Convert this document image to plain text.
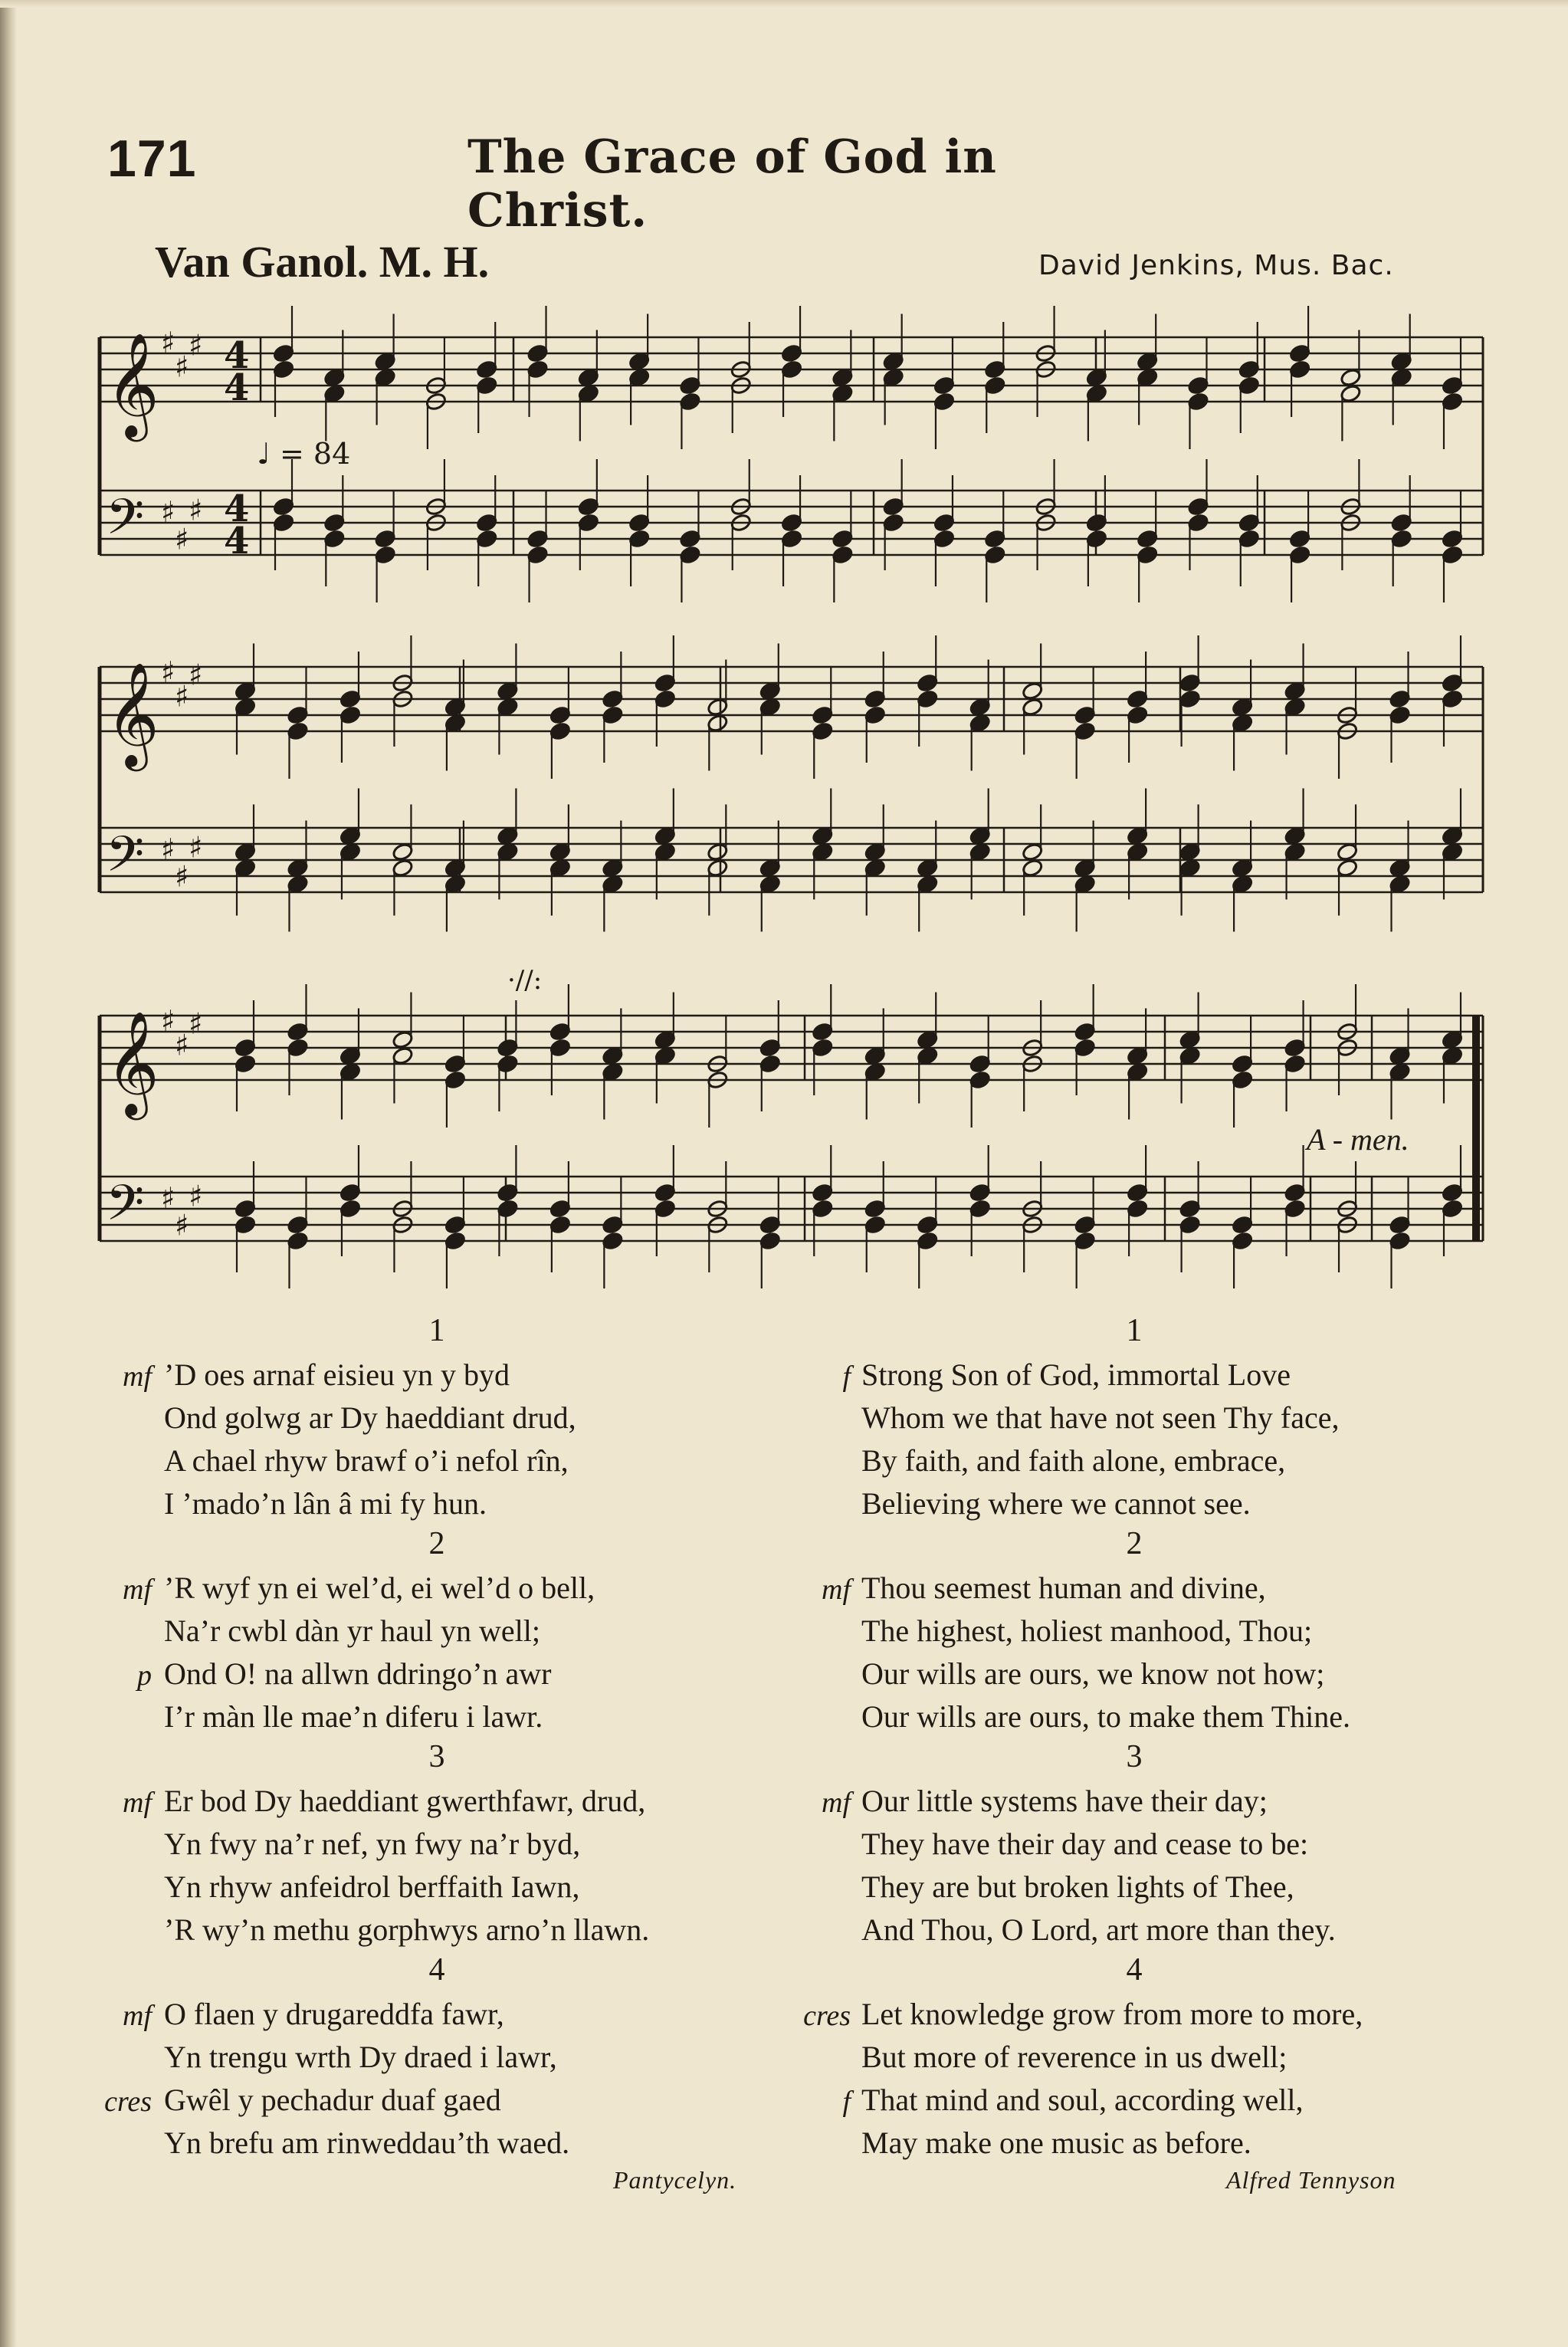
171	The Grace of God in Christ.
Van Ganol. M. H.	David Jenkins, Mus. Bac.
♩ = 84
A - men.
𝄞 ♯
♯
♯ 4
4
𝄢 ♯
♯
♯ 4
4
𝄞 ♯
♯
♯
𝄢 ♯
♯
♯
𝄞 ♯
♯
♯
𝄢 ♯
♯
♯
·//:
1
mf ’D oes arnaf eisieu yn y byd
Ond golwg ar Dy haeddiant drud,
A chael rhyw brawf o’i nefol rîn,
I ’mado’n lân â mi fy hun.
2
mf ’R wyf yn ei wel’d, ei wel’d o bell,
Na’r cwbl dàn yr haul yn well;
p Ond O! na allwn ddringo’n awr
I’r màn lle mae’n diferu i lawr.
3
mf Er bod Dy haeddiant gwerthfawr, drud,
Yn fwy na’r nef, yn fwy na’r byd,
Yn rhyw anfeidrol berffaith Iawn,
’R wy’n methu gorphwys arno’n llawn.
4
mf O flaen y drugareddfa fawr,
Yn trengu wrth Dy draed i lawr,
cres Gwêl y pechadur duaf gaed
Yn brefu am rinweddau’th waed.
Pantycelyn.
1
f Strong Son of God, immortal Love
Whom we that have not seen Thy face,
By faith, and faith alone, embrace,
Believing where we cannot see.
2
mf Thou seemest human and divine,
The highest, holiest manhood, Thou;
Our wills are ours, we know not how;
Our wills are ours, to make them Thine.
3
mf Our little systems have their day;
They have their day and cease to be:
They are but broken lights of Thee,
And Thou, O Lord, art more than they.
4
cres Let knowledge grow from more to more,
But more of reverence in us dwell;
f That mind and soul, according well,
May make one music as before.
Alfred Tennyson
